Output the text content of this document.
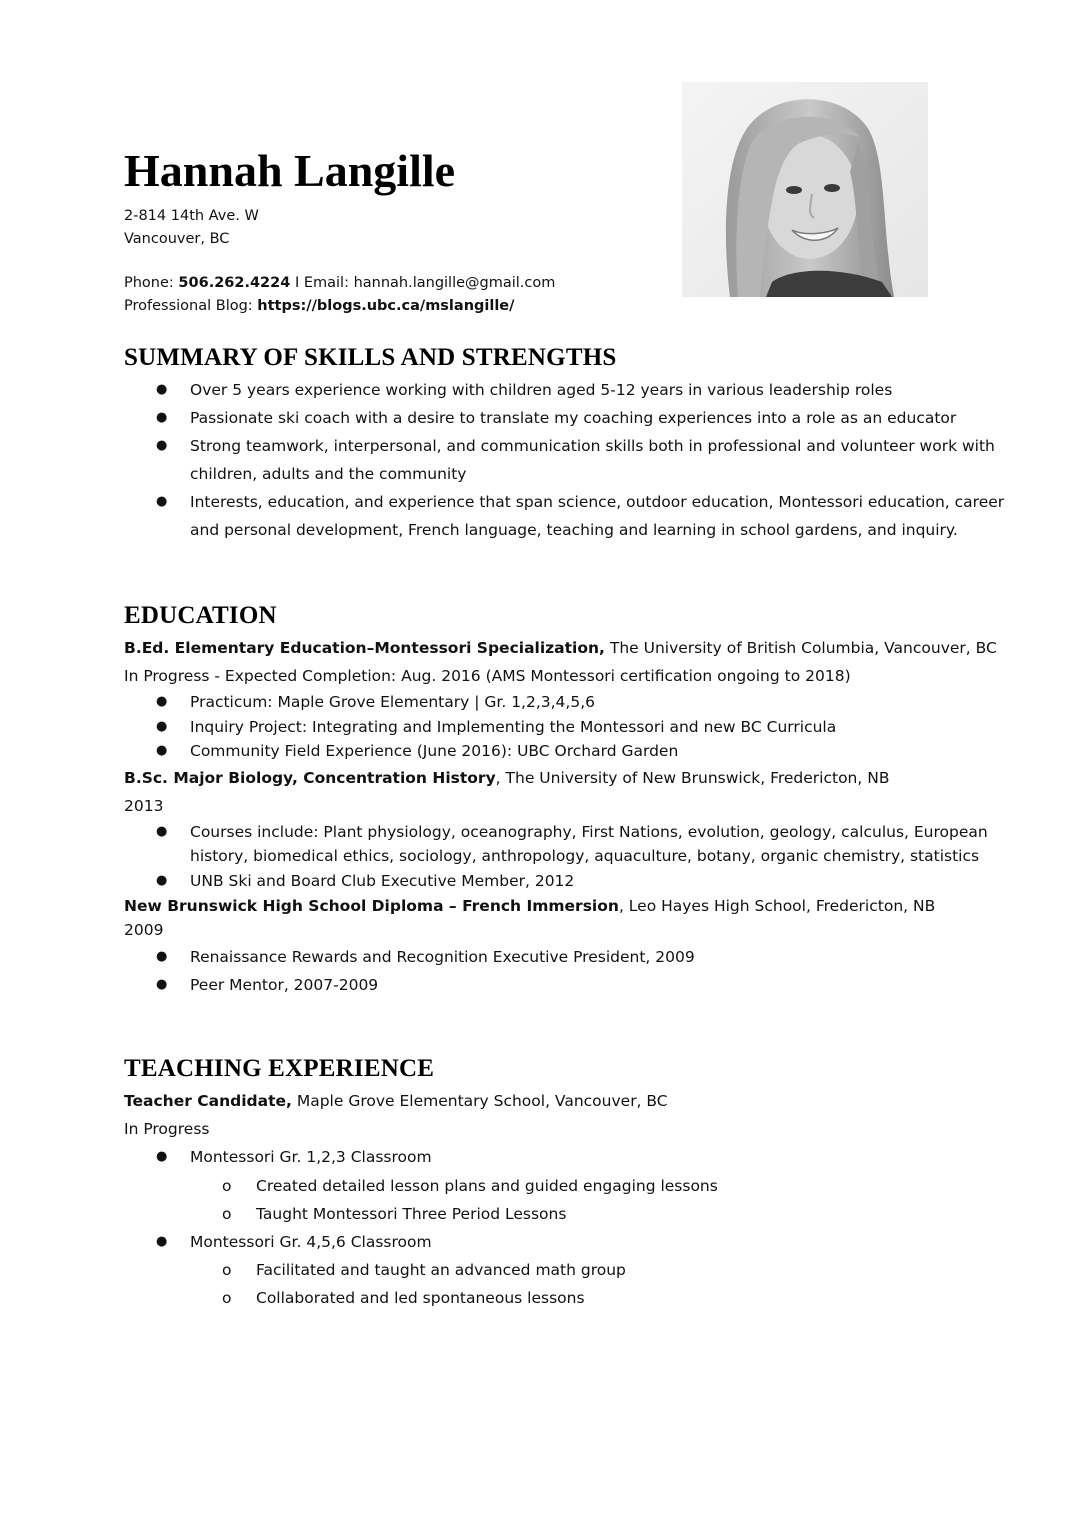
Hannah Langille
2-814 14th Ave. W
Vancouver, BC
Phone: 506.262.4224 I Email: hannah.langille@gmail.com
Professional Blog: https://blogs.ubc.ca/mslangille/
SUMMARY OF SKILLS AND STRENGTHS
● Over 5 years experience working with children aged 5-12 years in various leadership roles
● Passionate ski coach with a desire to translate my coaching experiences into a role as an educator
● Strong teamwork, interpersonal, and communication skills both in professional and volunteer work with children, adults and the community
● Interests, education, and experience that span science, outdoor education, Montessori education, career and personal development, French language, teaching and learning in school gardens, and inquiry.
EDUCATION
B.Ed. Elementary Education–Montessori Specialization, The University of British Columbia, Vancouver, BC
In Progress - Expected Completion: Aug. 2016 (AMS Montessori certification ongoing to 2018)
● Practicum: Maple Grove Elementary | Gr. 1,2,3,4,5,6
● Inquiry Project: Integrating and Implementing the Montessori and new BC Curricula
● Community Field Experience (June 2016): UBC Orchard Garden
B.Sc. Major Biology, Concentration History, The University of New Brunswick, Fredericton, NB
2013
● Courses include: Plant physiology, oceanography, First Nations, evolution, geology, calculus, European history, biomedical ethics, sociology, anthropology, aquaculture, botany, organic chemistry, statistics
● UNB Ski and Board Club Executive Member, 2012
New Brunswick High School Diploma – French Immersion, Leo Hayes High School, Fredericton, NB
2009
● Renaissance Rewards and Recognition Executive President, 2009
● Peer Mentor, 2007-2009
TEACHING EXPERIENCE
Teacher Candidate, Maple Grove Elementary School, Vancouver, BC
In Progress
● Montessori Gr. 1,2,3 Classroom
o Created detailed lesson plans and guided engaging lessons
o Taught Montessori Three Period Lessons
● Montessori Gr. 4,5,6 Classroom
o Facilitated and taught an advanced math group
o Collaborated and led spontaneous lessons
